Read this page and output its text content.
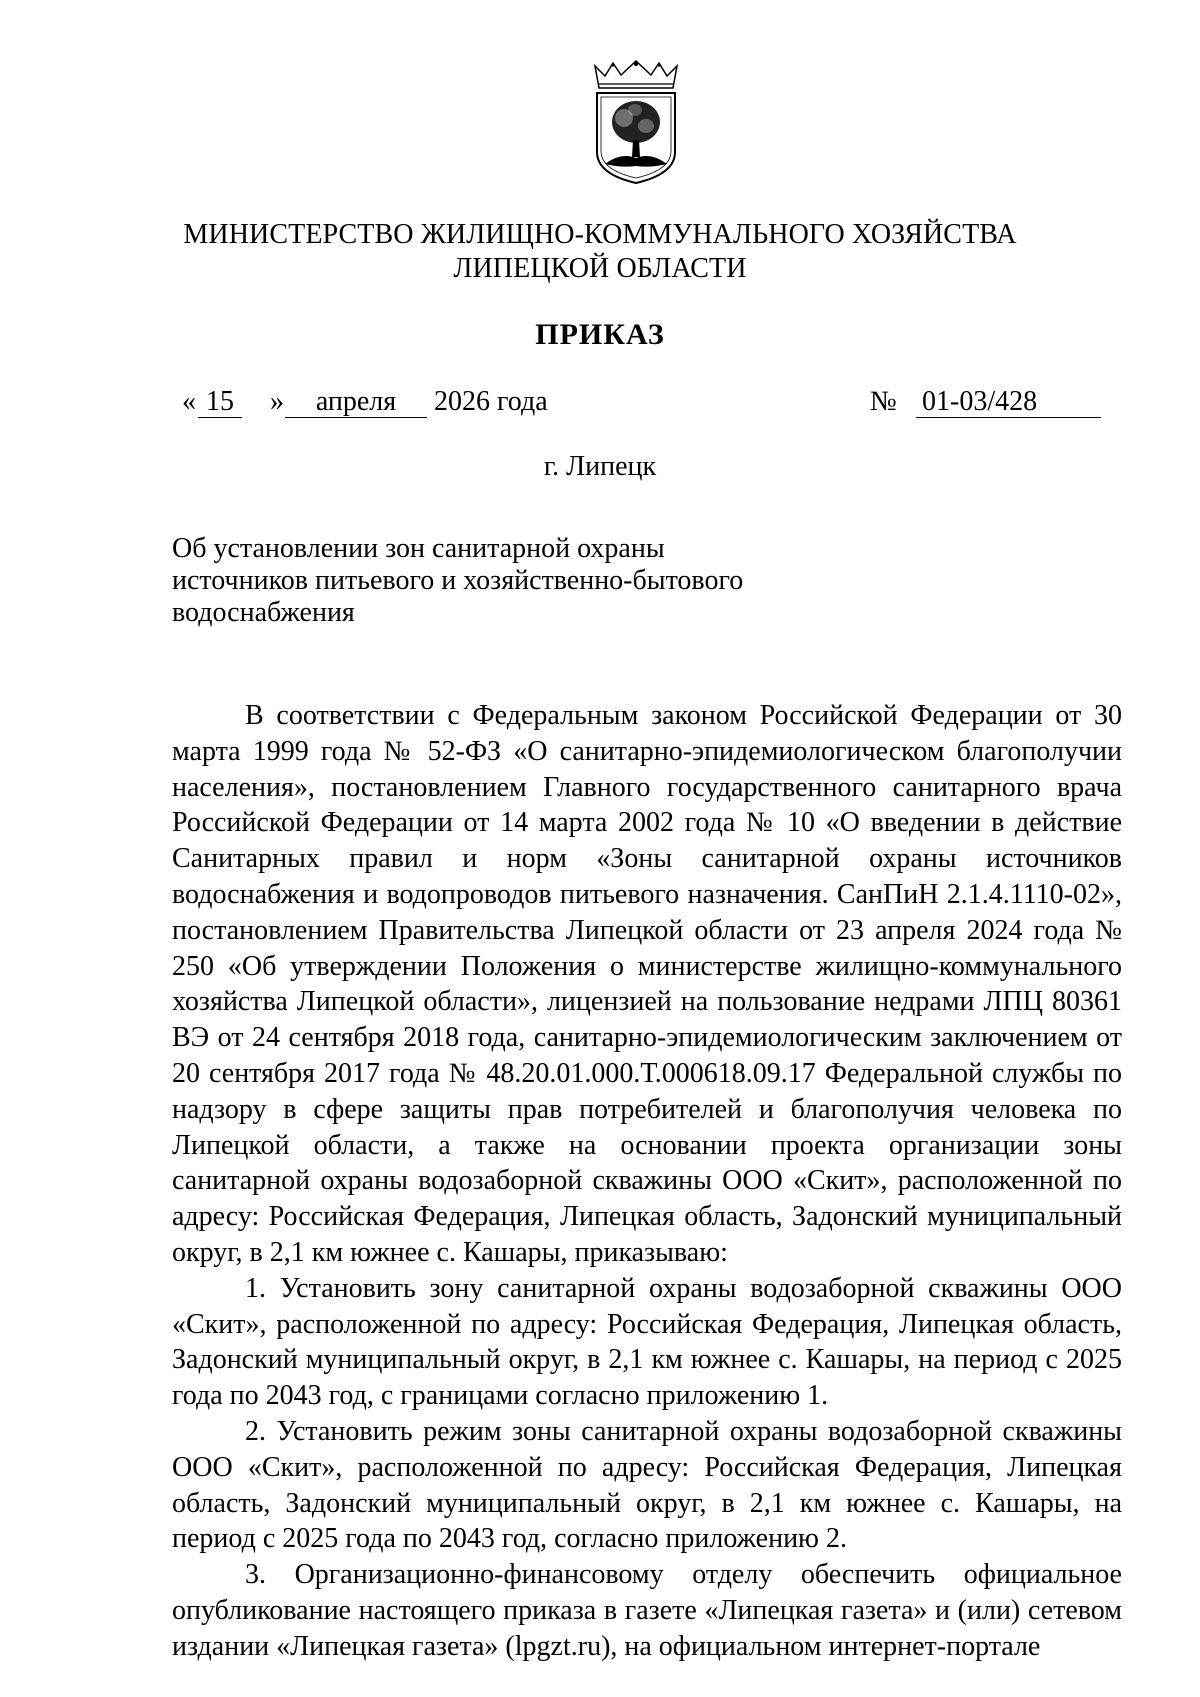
МИНИСТЕРСТВО ЖИЛИЩНО-КОММУНАЛЬНОГО ХОЗЯЙСТВА
ЛИПЕЦКОЙ ОБЛАСТИ
ПРИКАЗ
« 15 »	апреля	2026 года	№ 01-03/428
г. Липецк
Об установлении зон санитарной охраны
источников питьевого и хозяйственно-бытового
водоснабжения

В соответствии с Федеральным законом Российской Федерации от 30 марта 1999 года № 52-ФЗ «О санитарно-эпидемиологическом благополучии населения», постановлением Главного государственного санитарного врача Российской Федерации от 14 марта 2002 года № 10 «О введении в действие Санитарных правил и норм «Зоны санитарной охраны источников водоснабжения и водопроводов питьевого назначения. СанПиН 2.1.4.1110-02», постановлением Правительства Липецкой области от 23 апреля 2024 года № 250 «Об утверждении Положения о министерстве жилищно-коммунального хозяйства Липецкой области», лицензией на пользование недрами ЛПЦ 80361 ВЭ от 24 сентября 2018 года, санитарно-эпидемиологическим заключением от 20 сентября 2017 года № 48.20.01.000.Т.000618.09.17 Федеральной службы по надзору в сфере защиты прав потребителей и благополучия человека по Липецкой области, а также на основании проекта организации зоны санитарной охраны водозаборной скважины ООО «Скит», расположенной по адресу: Российская Федерация, Липецкая область, Задонский муниципальный округ, в 2,1 км южнее с. Кашары, приказываю:

1. Установить зону санитарной охраны водозаборной скважины ООО «Скит», расположенной по адресу: Российская Федерация, Липецкая область, Задонский муниципальный округ, в 2,1 км южнее с. Кашары, на период с 2025 года по 2043 год, с границами согласно приложению 1.

2. Установить режим зоны санитарной охраны водозаборной скважины ООО «Скит», расположенной по адресу: Российская Федерация, Липецкая область, Задонский муниципальный округ, в 2,1 км южнее с. Кашары, на период с 2025 года по 2043 год, согласно приложению 2.

3. Организационно-финансовому отделу обеспечить официальное опубликование настоящего приказа в газете «Липецкая газета» и (или) сетевом издании «Липецкая газета» (lpgzt.ru), на официальном интернет-портале
